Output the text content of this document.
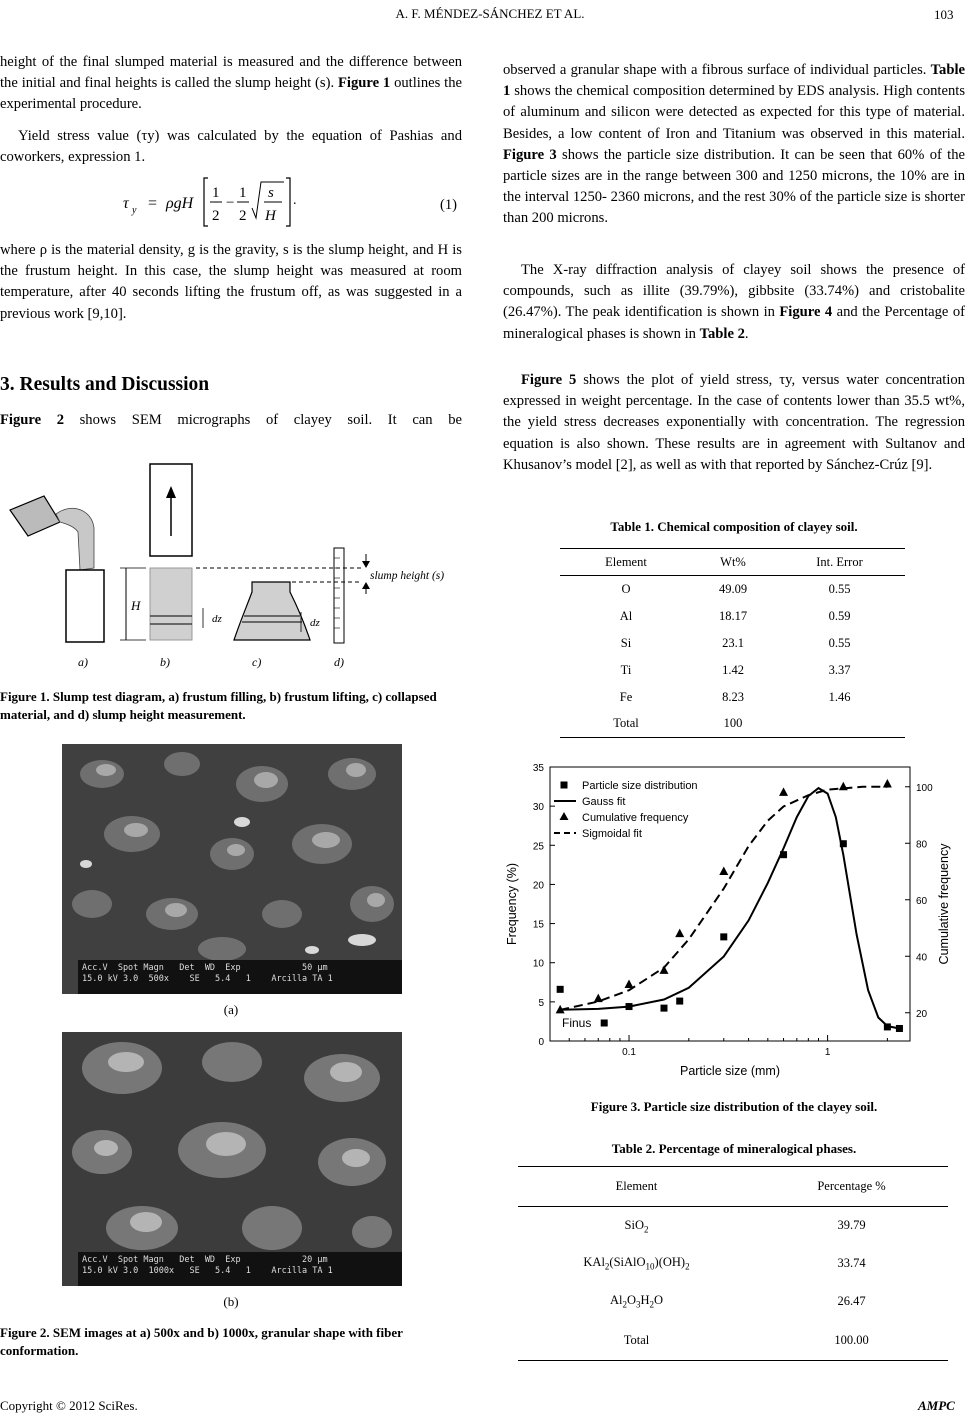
A. F. MÉNDEZ-SÁNCHEZ ET AL.	103
height of the final slumped material is measured and the difference between the initial and final heights is called the slump height (s). Figure 1 outlines the experimental procedure.
Yield stress value (τy) was calculated by the equation of Pashias and coworkers, expression 1.
τ y = ρgH
1
2
−
1
2
s
H
.	(1)
where ρ is the material density, g is the gravity, s is the slump height, and H is the frustum height. In this case, the slump height was measured at room temperature, after 40 seconds lifting the frustum off, as was suggested in a previous work [9,10].
3. Results and Discussion
Figure 2 shows SEM micrographs of clayey soil. It can be
H
dz	dz
slump height (s)
a)	b)	c)	d)
Figure 1. Slump test diagram, a) frustum filling, b) frustum lifting, c) collapsed material, and d) slump height measurement.
Acc.V  Spot Magn   Det  WD  Exp            50 µm
15.0 kV 3.0  500x    SE   5.4   1    Arcilla TA 1
(a)
Acc.V  Spot Magn   Det  WD  Exp            20 µm
15.0 kV 3.0  1000x   SE   5.4   1    Arcilla TA 1
(b)
Figure 2. SEM images at a) 500x and b) 1000x, granular shape with fiber conformation.
observed a granular shape with a fibrous surface of individual particles. Table 1 shows the chemical composition determined by EDS analysis. High contents of aluminum and silicon were detected as expected for this type of material. Besides, a low content of Iron and Titanium was observed in this material. Figure 3 shows the particle size distribution. It can be seen that 60% of the particle sizes are in the range between 300 and 1250 microns, the 10% are in the interval 1250- 2360 microns, and the rest 30% of the particle size is shorter than 200 microns.
The X-ray diffraction analysis of clayey soil shows the presence of compounds, such as illite (39.79%), gibbsite (33.74%) and cristobalite (26.47%). The peak identification is shown in Figure 4 and the Percentage of mineralogical phases is shown in Table 2.
Figure 5 shows the plot of yield stress, τy, versus water concentration expressed in weight percentage. In the case of contents lower than 35.5 wt%, the yield stress decreases exponentially with concentration. The regression equation is also shown. These results are in agreement with Sultanov and Khusanov’s model [2], as well as with that reported by Sánchez-Crúz [9].
Table 1. Chemical composition of clayey soil.
Element	Wt%	Int. Error
O	49.09	0.55
Al	18.17	0.59
Si	23.1	0.55
Ti	1.42	3.37
Fe	8.23	1.46
Total	100	
0
5
10
15
20
25
30
35
20
40
60
80
100
0.1	1
Particle size (mm)
Frequency (%)	Cumulative frequency
Particle size distribution
Gauss fit
Cumulative frequency
Sigmoidal fit
Finus
Figure 3. Particle size distribution of the clayey soil.
Table 2. Percentage of mineralogical phases.
Element	Percentage %
SiO$_2$	39.79
$KAl_2(SiAlO_{10})(OH)_2$	33.74
$Al_2O_3H_2O$	26.47
Total	100.00
Copyright © 2012 SciRes.	AMPC
